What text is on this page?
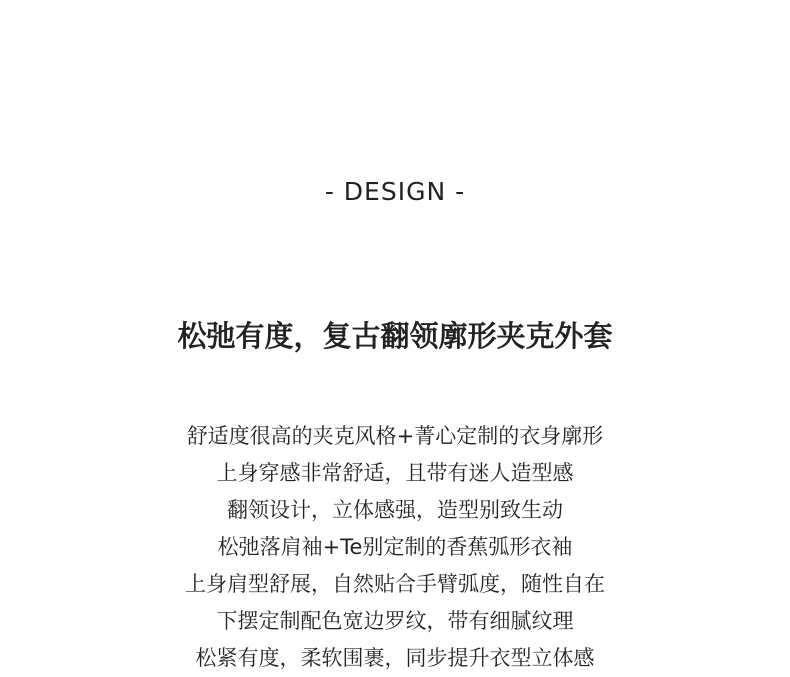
- DESIGN -
松弛有度，复古翻领廓形夹克外套
舒适度很高的夹克风格+菁心定制的衣身廓形
上身穿感非常舒适，且带有迷人造型感
翻领设计，立体感强，造型别致生动
松弛落肩袖+Te别定制的香蕉弧形衣袖
上身肩型舒展，自然贴合手臂弧度，随性自在
下摆定制配色宽边罗纹，带有细腻纹理
松紧有度，柔软围裹，同步提升衣型立体感
